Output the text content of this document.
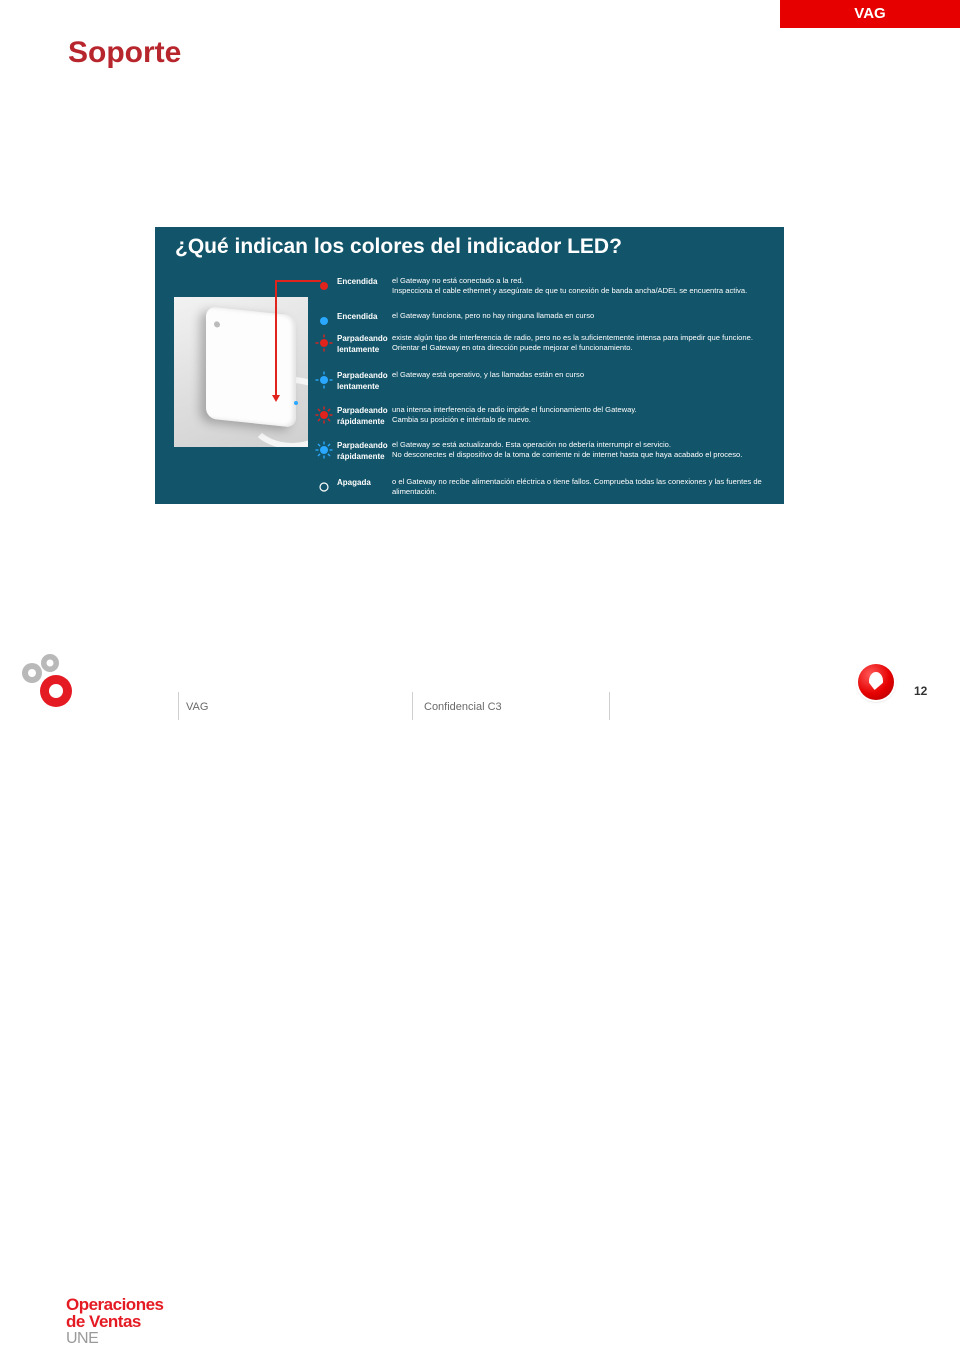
VAG
Soporte
¿Qué indican los colores del indicador LED?
Encendida el Gateway no está conectado a la red.
Inspecciona el cable ethernet y asegúrate de que tu conexión de banda ancha/ADEL se encuentra activa.
Encendida el Gateway funciona, pero no hay ninguna llamada en curso
Parpadeando
lentamente
existe algún tipo de interferencia de radio, pero no es la suficientemente intensa para impedir que funcione.
Orientar el Gateway en otra dirección puede mejorar el funcionamiento.
Parpadeando
lentamente
el Gateway está operativo, y las llamadas están en curso
Parpadeando
rápidamente
una intensa interferencia de radio impide el funcionamiento del Gateway.
Cambia su posición e inténtalo de nuevo.
Parpadeando
rápidamente
el Gateway se está actualizando. Esta operación no debería interrumpir el servicio.
No desconectes el dispositivo de la toma de corriente ni de internet hasta que haya acabado el proceso.
Apagada	o el Gateway no recibe alimentación eléctrica o tiene fallos. Comprueba todas las conexiones y las fuentes de alimentación.
Operaciones
de Ventas
UNE
VAG	Confidencial C3
12
